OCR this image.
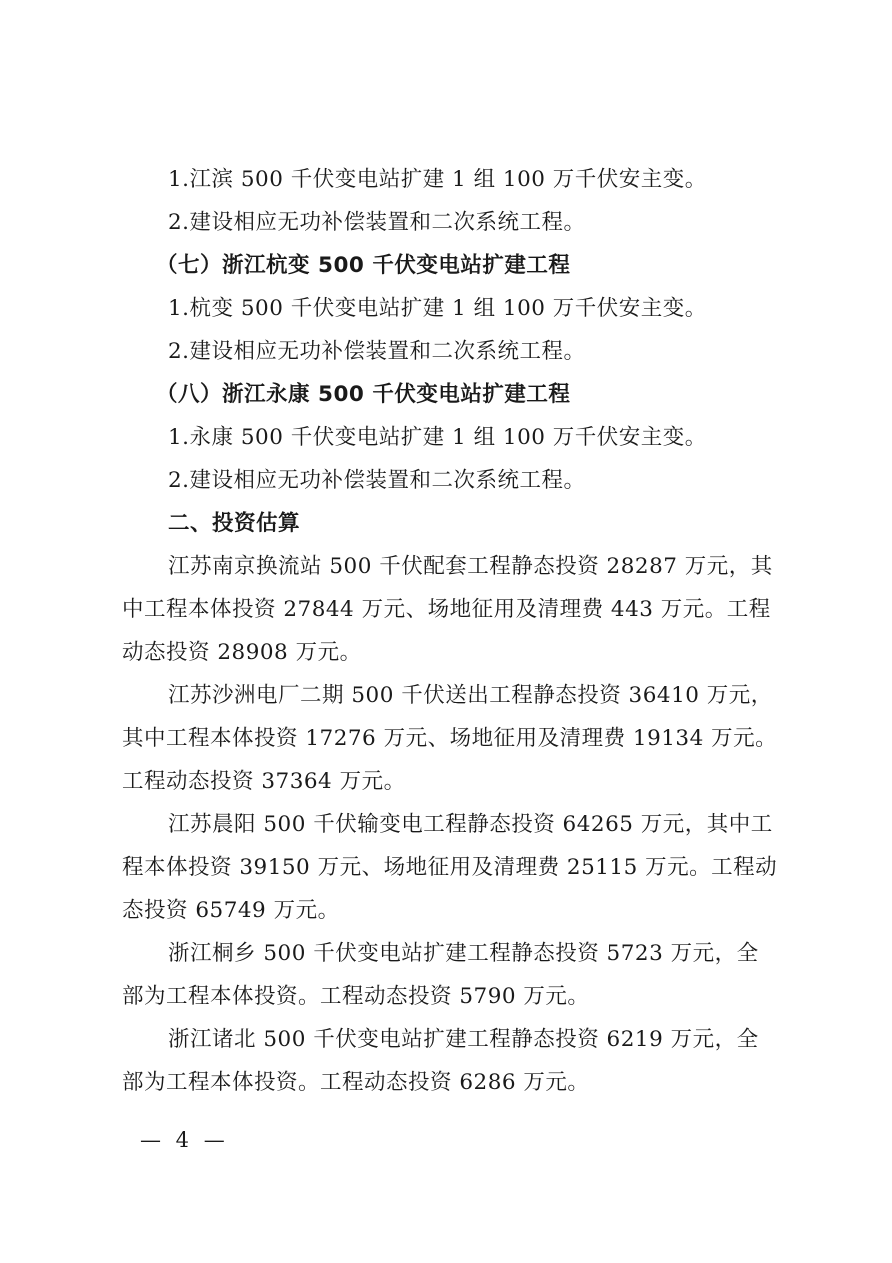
1.江滨 500 千伏变电站扩建 1 组 100 万千伏安主变。
2.建设相应无功补偿装置和二次系统工程。
（七）浙江杭变 500 千伏变电站扩建工程
1.杭变 500 千伏变电站扩建 1 组 100 万千伏安主变。
2.建设相应无功补偿装置和二次系统工程。
（八）浙江永康 500 千伏变电站扩建工程
1.永康 500 千伏变电站扩建 1 组 100 万千伏安主变。
2.建设相应无功补偿装置和二次系统工程。
二、投资估算
江苏南京换流站 500 千伏配套工程静态投资 28287 万元，其
中工程本体投资 27844 万元、场地征用及清理费 443 万元。工程
动态投资 28908 万元。
江苏沙洲电厂二期 500 千伏送出工程静态投资 36410 万元，
其中工程本体投资 17276 万元、场地征用及清理费 19134 万元。
工程动态投资 37364 万元。
江苏晨阳 500 千伏输变电工程静态投资 64265 万元，其中工
程本体投资 39150 万元、场地征用及清理费 25115 万元。工程动
态投资 65749 万元。
浙江桐乡 500 千伏变电站扩建工程静态投资 5723 万元，全
部为工程本体投资。工程动态投资 5790 万元。
浙江诸北 500 千伏变电站扩建工程静态投资 6219 万元，全
部为工程本体投资。工程动态投资 6286 万元。
— 4 —
